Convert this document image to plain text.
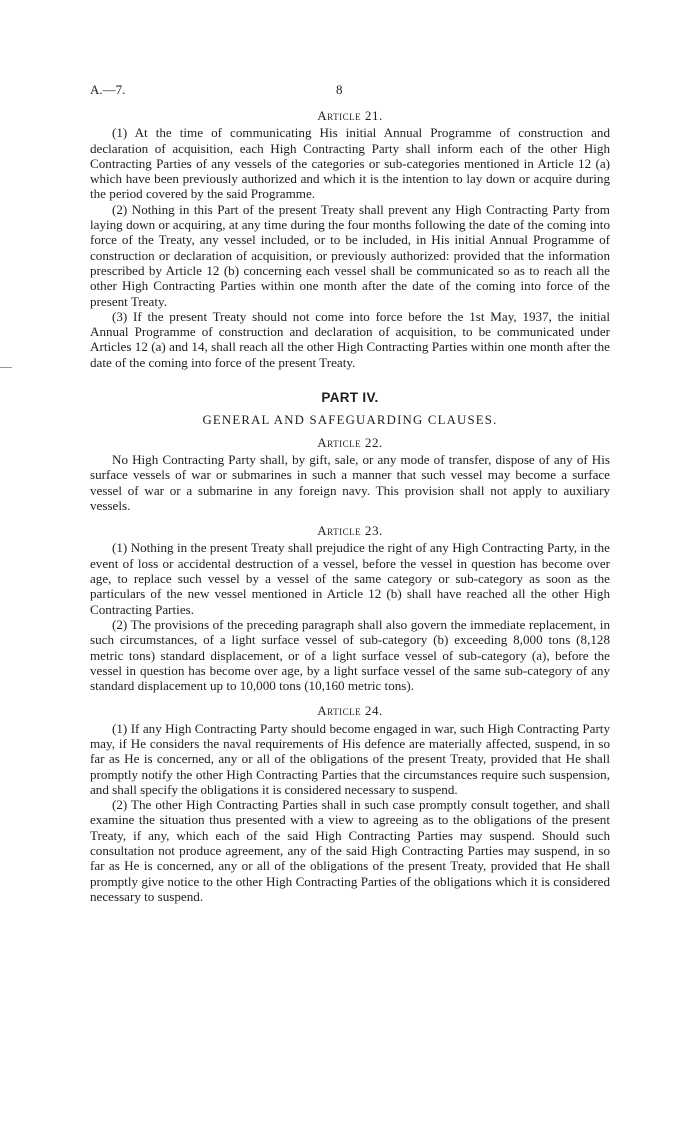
A.—7.	8

Article 21.

(1) At the time of communicating His initial Annual Programme of construction and declaration of acquisition, each High Contracting Party shall inform each of the other High Contracting Parties of any vessels of the categories or sub-categories mentioned in Article 12 (a) which have been previously authorized and which it is the intention to lay down or acquire during the period covered by the said Programme.

(2) Nothing in this Part of the present Treaty shall prevent any High Contracting Party from laying down or acquiring, at any time during the four months following the date of the coming into force of the Treaty, any vessel included, or to be included, in His initial Annual Programme of construction or declaration of acquisition, or previously authorized: provided that the information prescribed by Article 12 (b) concerning each vessel shall be communicated so as to reach all the other High Contracting Parties within one month after the date of the coming into force of the present Treaty.

(3) If the present Treaty should not come into force before the 1st May, 1937, the initial Annual Programme of construction and declaration of acquisition, to be communicated under Articles 12 (a) and 14, shall reach all the other High Contracting Parties within one month after the date of the coming into force of the present Treaty.

PART IV.

GENERAL AND SAFEGUARDING CLAUSES.

Article 22.

No High Contracting Party shall, by gift, sale, or any mode of transfer, dispose of any of His surface vessels of war or submarines in such a manner that such vessel may become a surface vessel of war or a submarine in any foreign navy. This provision shall not apply to auxiliary vessels.

Article 23.

(1) Nothing in the present Treaty shall prejudice the right of any High Contracting Party, in the event of loss or accidental destruction of a vessel, before the vessel in question has become over age, to replace such vessel by a vessel of the same category or sub-category as soon as the particulars of the new vessel mentioned in Article 12 (b) shall have reached all the other High Contracting Parties.

(2) The provisions of the preceding paragraph shall also govern the immediate replacement, in such circumstances, of a light surface vessel of sub-category (b) exceeding 8,000 tons (8,128 metric tons) standard displacement, or of a light surface vessel of sub-category (a), before the vessel in question has become over age, by a light surface vessel of the same sub-category of any standard displacement up to 10,000 tons (10,160 metric tons).

Article 24.

(1) If any High Contracting Party should become engaged in war, such High Contracting Party may, if He considers the naval requirements of His defence are materially affected, suspend, in so far as He is concerned, any or all of the obligations of the present Treaty, provided that He shall promptly notify the other High Contracting Parties that the circumstances require such suspension, and shall specify the obligations it is considered necessary to suspend.

(2) The other High Contracting Parties shall in such case promptly consult together, and shall examine the situation thus presented with a view to agreeing as to the obligations of the present Treaty, if any, which each of the said High Contracting Parties may suspend. Should such consultation not produce agreement, any of the said High Contracting Parties may suspend, in so far as He is concerned, any or all of the obligations of the present Treaty, provided that He shall promptly give notice to the other High Contracting Parties of the obligations which it is considered necessary to suspend.
